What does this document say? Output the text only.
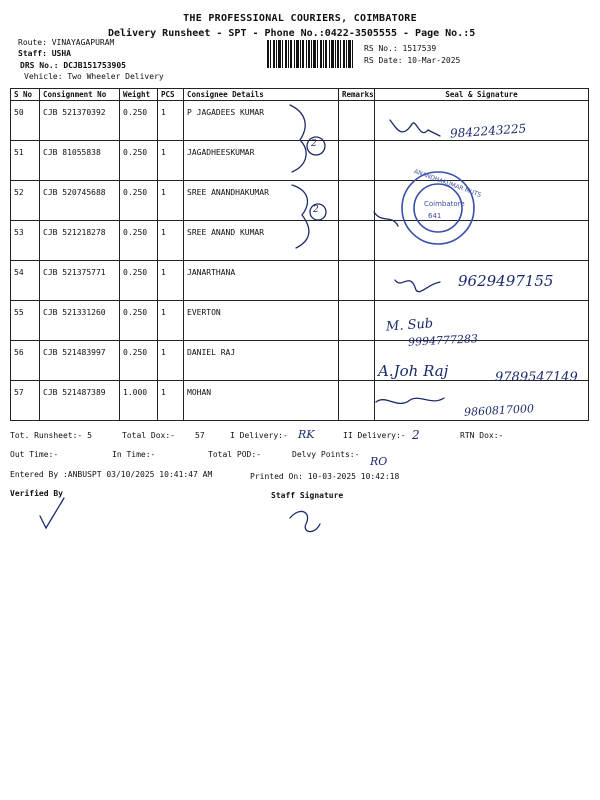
THE PROFESSIONAL COURIERS, COIMBATORE
Delivery Runsheet - SPT - Phone No.:0422-3505555 - Page No.:5
Route: VINAYAGAPURAM
Staff: USHA
DRS No.: DCJB151753905
Vehicle: Two Wheeler Delivery
RS No.: 1517539
RS Date: 10-Mar-2025
S No	Consignment No	Weight	PCS	Consignee Details	Remarks	Seal & Signature
50	CJB 521370392	0.250	1	P JAGADEES KUMAR		
51	CJB 81055838	0.250	1	JAGADHEESKUMAR		
52	CJB 520745688	0.250	1	SREE ANANDHAKUMAR		
53	CJB 521218278	0.250	1	SREE ANAND KUMAR		
54	CJB 521375771	0.250	1	JANARTHANA		
55	CJB 521331260	0.250	1	EVERTON		
56	CJB 521483997	0.250	1	DANIEL RAJ		
57	CJB 521487389	1.000	1	MOHAN		
9842243225
2
2
ANANDHAKUMAR MUTS
Coimbatore
641
9629497155
M. Sub
9994777283
A.Joh Raj	9789547149
9860817000
Tot. Runsheet:- 5	Total Dox:-	57	I Delivery:- RK	II Delivery:- 2	RTN Dox:-
Out Time:-	In Time:-	Total POD:-	Delvy Points:-
RO
Entered By :ANBUSPT 03/10/2025 10:41:47 AM	Printed On: 10-03-2025 10:42:18
Verified By	Staff Signature
